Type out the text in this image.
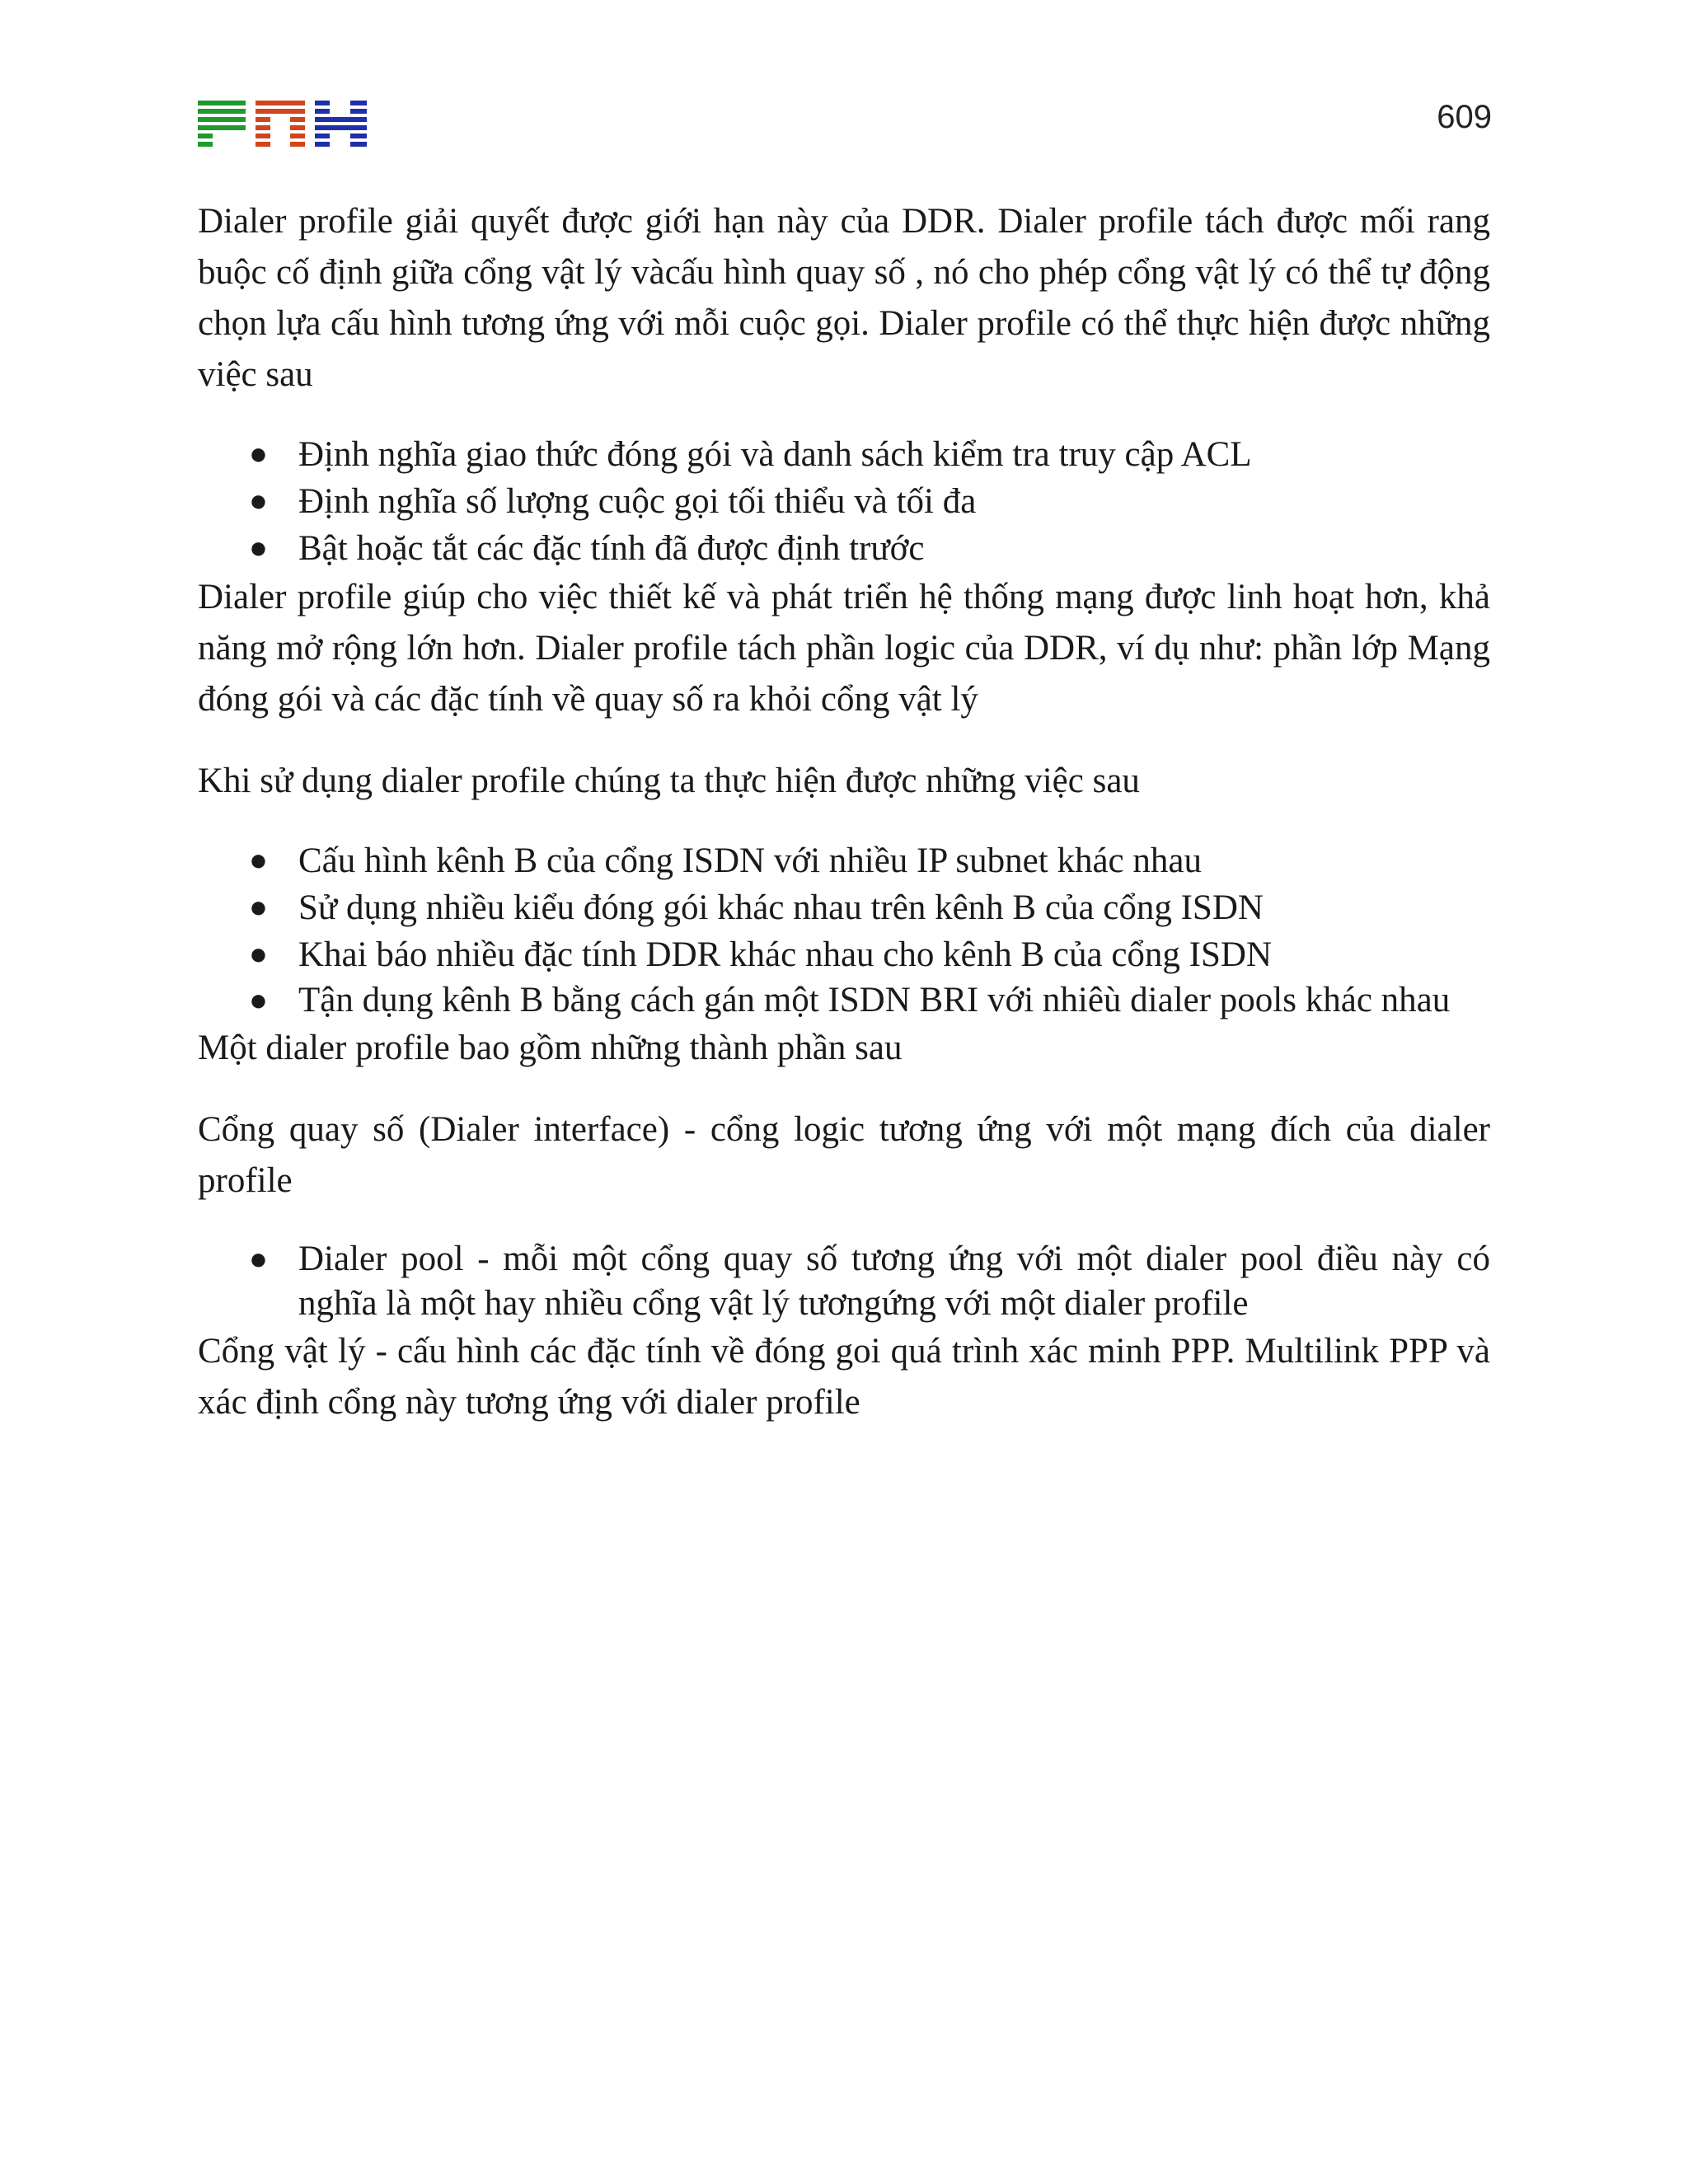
609

Dialer profile giải quyết được giới hạn này của DDR. Dialer profile tách được mối rang buộc cố định giữa cổng vật lý vàcấu hình quay số , nó cho phép cổng vật lý có thể tự động chọn lựa cấu hình tương ứng với mỗi cuộc gọi. Dialer profile có thể thực hiện được những việc sau

● Định nghĩa giao thức đóng gói và danh sách kiểm tra truy cập ACL
● Định nghĩa số lượng cuộc gọi tối thiểu và tối đa
● Bật hoặc tắt các đặc tính đã được định trước

Dialer profile giúp cho việc thiết kế và phát triển hệ thống mạng được linh hoạt hơn, khả năng mở rộng lớn hơn. Dialer profile tách phần logic của DDR, ví dụ như: phần lớp Mạng đóng gói và các đặc tính về quay số ra khỏi cổng vật lý

Khi sử dụng dialer profile chúng ta thực hiện được những việc sau

● Cấu hình kênh B của cổng ISDN với nhiều IP subnet khác nhau
● Sử dụng nhiều kiểu đóng gói khác nhau trên kênh B của cổng ISDN
● Khai báo nhiều đặc tính DDR khác nhau cho kênh B của cổng ISDN
● Tận dụng kênh B bằng cách gán một ISDN BRI với nhiêù dialer pools khác nhau

Một dialer profile bao gồm những thành phần sau

Cổng quay số (Dialer interface) - cổng logic tương ứng với một mạng đích của dialer profile

● Dialer pool - mỗi một cổng quay số tương ứng với một dialer pool điều này có nghĩa là một hay nhiều cổng vật lý tươngứng với một dialer profile

Cổng vật lý - cấu hình các đặc tính về đóng goi quá trình xác minh PPP. Multilink PPP và xác định cổng này tương ứng với dialer profile
